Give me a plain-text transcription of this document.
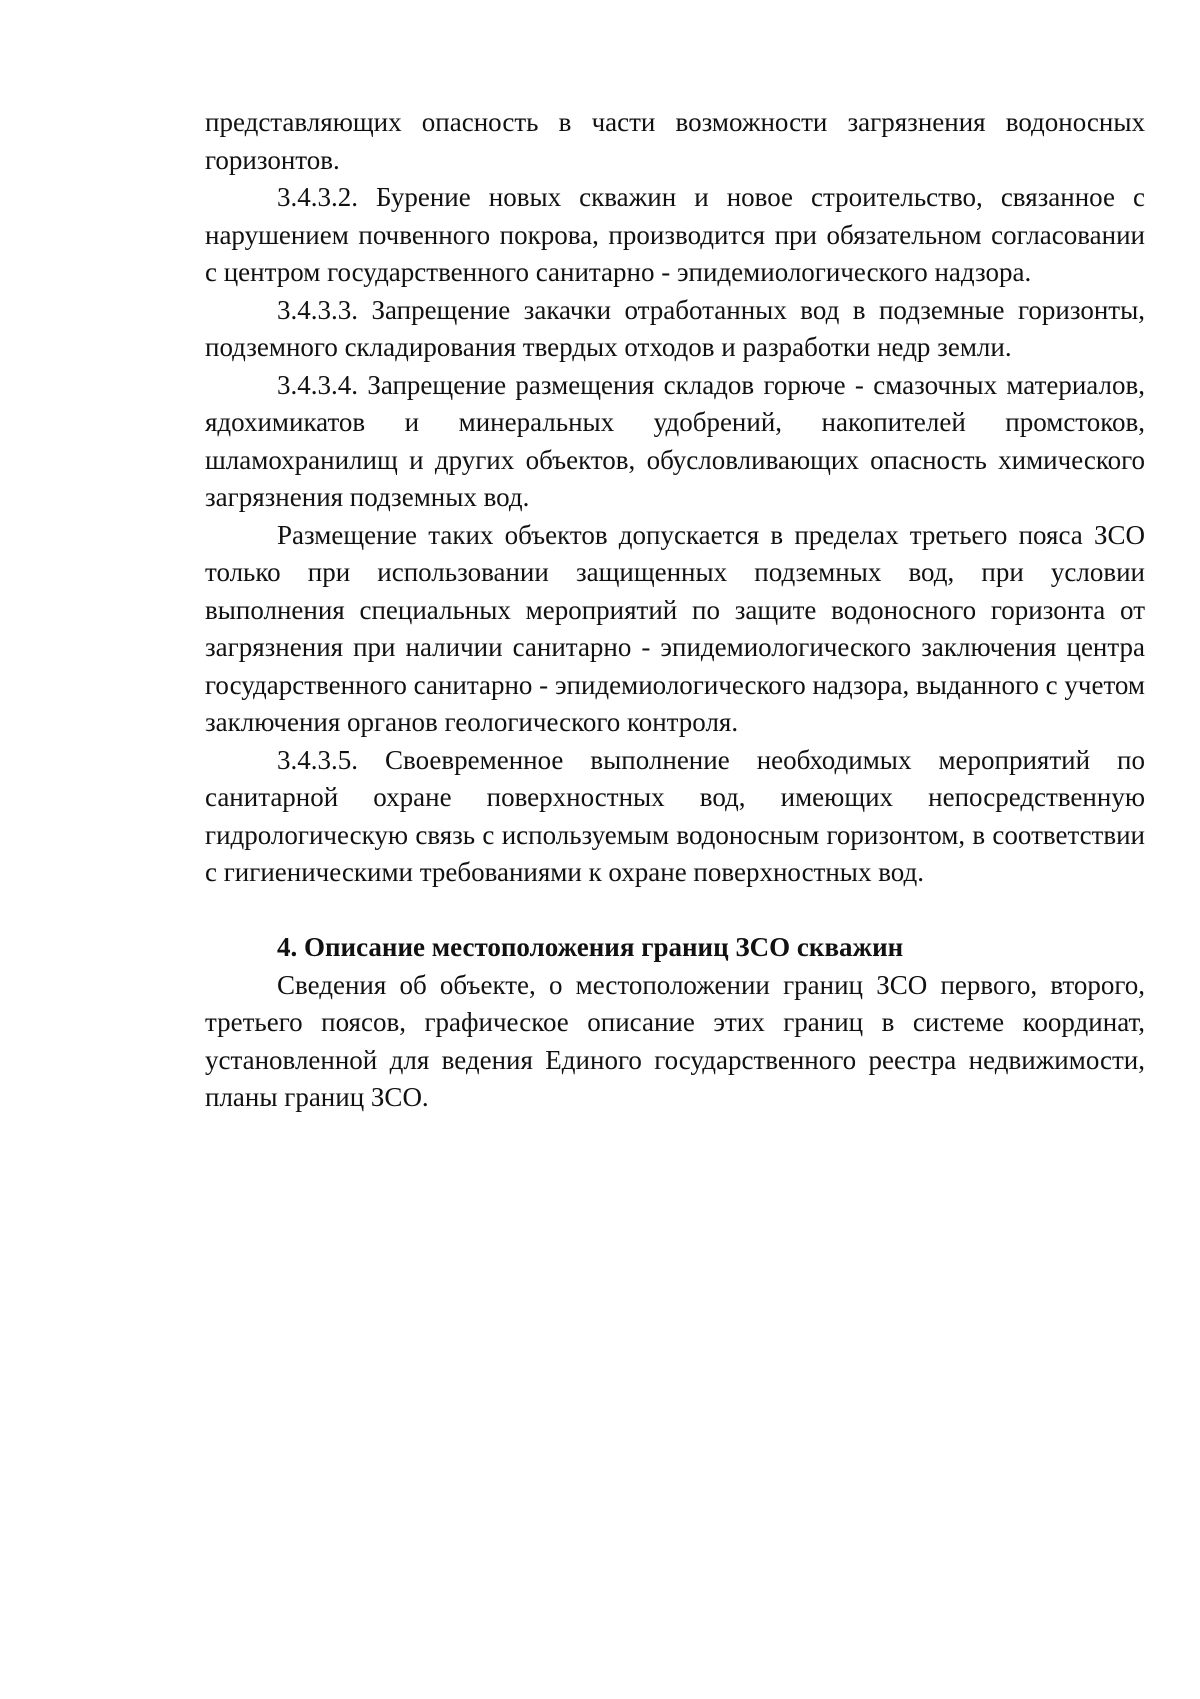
представляющих опасность в части возможности загрязнения водоносных горизонтов.

3.4.3.2. Бурение новых скважин и новое строительство, связанное с нарушением почвенного покрова, производится при обязательном согласовании с центром государственного санитарно - эпидемиологического надзора.

3.4.3.3. Запрещение закачки отработанных вод в подземные горизонты, подземного складирования твердых отходов и разработки недр земли.

3.4.3.4. Запрещение размещения складов горюче - смазочных материалов, ядохимикатов и минеральных удобрений, накопителей промстоков, шламохранилищ и других объектов, обусловливающих опасность химического загрязнения подземных вод.

Размещение таких объектов допускается в пределах третьего пояса ЗСО только при использовании защищенных подземных вод, при условии выполнения специальных мероприятий по защите водоносного горизонта от загрязнения при наличии санитарно - эпидемиологического заключения центра государственного санитарно - эпидемиологического надзора, выданного с учетом заключения органов геологического контроля.

3.4.3.5. Своевременное выполнение необходимых мероприятий по санитарной охране поверхностных вод, имеющих непосредственную гидрологическую связь с используемым водоносным горизонтом, в соответствии с гигиеническими требованиями к охране поверхностных вод.

4. Описание местоположения границ ЗСО скважин

Сведения об объекте, о местоположении границ ЗСО первого, второго, третьего поясов, графическое описание этих границ в системе координат, установленной для ведения Единого государственного реестра недвижимости, планы границ ЗСО.
